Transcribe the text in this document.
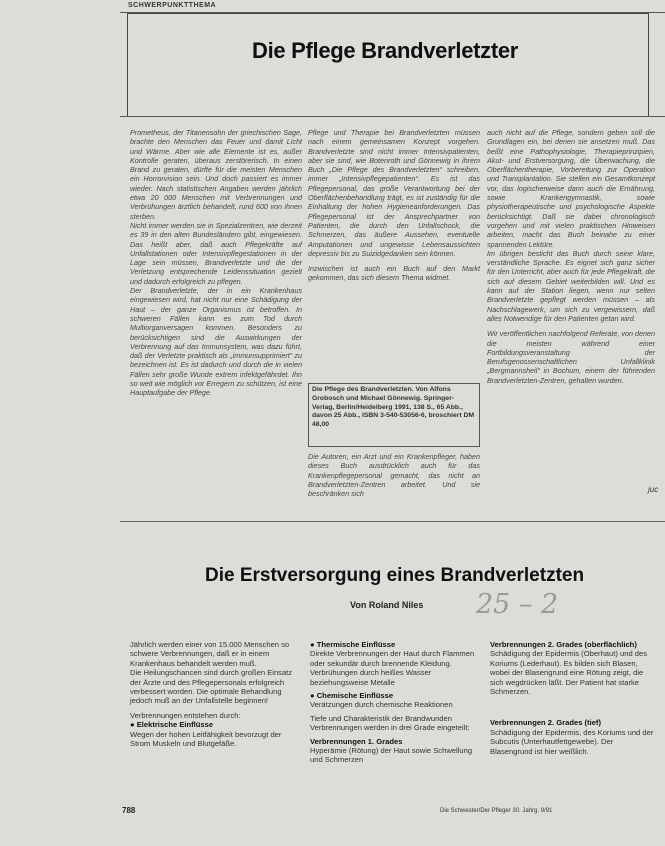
SCHWERPUNKTTHEMA
Die Pflege Brandverletzter

Prometheus, der Titanensohn der griechischen Sage, brachte den Menschen das Feuer und damit Licht und Wärme. Aber wie alle Elemente ist es, außer Kontrolle geraten, überaus zerstörerisch. In einen Brand zu geraten, dürfte für die meisten Menschen ein Horrorvision sein. Und doch passiert es immer wieder. Nach statistischen Angaben werden jährlich etwa 20 000 Menschen mit Verbrennungen und Verbrühungen ärztlich behandelt, rund 600 von ihnen sterben.

Nicht immer werden sie in Spezialzentren, wie derzeit es 39 in den alten Bundesländern gibt, eingewiesen. Das heißt aber, daß auch Pflegekräfte auf Unfallstationen oder Intensivpflegestationen in der Lage sein müssen, Brandverletzte und die der Verletzung entsprechende Leidenssituation gezielt und dadurch erfolgreich zu pflegen.

Der Brandverletzte, der in ein Krankenhaus eingewiesen wird, hat nicht nur eine Schädigung der Haut – der ganze Organismus ist betroffen. In schweren Fällen kann es zum Tod durch Multiorganversagen kommen. Besonders zu berücksichtigen sind die Auswirkungen der Verbrennung auf das Immunsystem, was dazu führt, daß der Verletzte praktisch als „immunsupprimiert“ zu bezeichnen ist. Es ist dadurch und durch die in vielen Fällen sehr große Wunde extrem infektgefährdet. Ihn so weit wie möglich vor Erregern zu schützen, ist eine Hauptaufgabe der Pflege.

Pflege und Therapie bei Brandverletzten müssen nach einem gemeinsamen Konzept vorgehen. Brandverletzte sind nicht immer Intensivpatienten, aber sie sind, wie Botenroth und Gönnewig in ihrem Buch „Die Pflege des Brandverletzten“ schreiben, immer „Intensivpflegepatienten“. Es ist das Pflegepersonal, das große Verantwortung bei der Oberflächenbehandlung trägt, es ist zuständig für die Einhaltung der hohen Hygieneanforderungen. Das Pflegepersonal ist der Ansprechpartner von Patienten, die durch den Unfallschock, die Schmerzen, das äußere Aussehen, eventuelle Amputationen und ungewisse Lebensaussichten depressiv bis zu Suizidgedanken sein können.

Inzwischen ist auch ein Buch auf den Markt gekommen, das sich diesem Thema widmet.

Die Pflege des Brandverletzten. Von Alfons Grobosch und Michael Gönnewig. Springer-Verlag, Berlin/Heidelberg 1991, 138 S., 65 Abb., davon 25 Abb., ISBN 3-540-53056-6, broschiert DM 48,00

Die Autoren, ein Arzt und ein Krankenpfleger, haben dieses Buch ausdrücklich auch für das Krankenpflegepersonal gemacht, das nicht an Brandverletzten-Zentren arbeitet. Und sie beschränken sich

auch nicht auf die Pflege, sondern geben soll die Grundlagen ein, bei denen sie ansetzen muß. Das beißt eine Pathophysiologie, Therapieprinzipien, Akut- und Erstversorgung, die Überwachung, die Oberflächentherapie, Vorbereitung zur Operation und Transplantation. Sie stellen ein Gesamtkonzept vor, das logischerweise dann auch die Ernährung, sowie Krankengymnastik, sowie physiotherapeutische und psychologische Aspekte berücksichtigt. Daß sie dabei chronologisch vorgehen und mit vielen praktischen Hinweisen arbeiten, macht das Buch beinahe zu einer spannenden Lektüre.

Im übrigen besticht das Buch durch seine klare, verständliche Sprache. Es eignet sich ganz sicher für den Unterricht, aber auch für jede Pflegekraft, die sich auf diesem Gebiet weiterbilden will. Und es kann auf der Station liegen, wenn nur selten Brandverletzte gepflegt werden müssen – als Nachschlagewerk, um sich zu vergewissern, daß alles Notwendige für den Patienten getan wird.

Wir veröffentlichen nachfolgend Referate, von denen die meisten während einer Fortbildungsveranstaltung der Berufsgenossenschaftlichen Unfallklinik „Bergmannsheil“ in Bochum, einem der führenden Brandverletzten-Zentren, gehalten wurden.

juc
Die Erstversorgung eines Brandverletzten
Von Roland Niles 25 – 2

Jährlich werden einer von 15.000 Menschen so schwere Verbrennungen, daß er in einem Krankenhaus behandelt werden muß.

Die Heilungschancen sind durch großen Einsatz der Ärzte und des Pflegepersonals erfolgreich verbessert worden. Die optimale Behandlung jedoch muß an der Unfallstelle beginnen!

Verbrennungen entstehen durch:

● Elektrische Einflüsse

Wegen der hohen Leitfähigkeit bevorzugt der Strom Muskeln und Blutgefäße.

● Thermische Einflüsse

Direkte Verbrennungen der Haut durch Flammen oder sekundär durch brennende Kleidung. Verbrühungen durch heißes Wasser beziehungsweise Metalle

● Chemische Einflüsse

Verätzungen durch chemische Reaktionen

Tiefe und Charakteristik der Brandwunden Verbrennungen werden in drei Grade eingeteilt:

Verbrennungen 1. Grades

Hyperämie (Rötung) der Haut sowie Schwellung und Schmerzen

Verbrennungen 2. Grades (oberflächlich)

Schädigung der Epidermis (Oberhaut) und des Koriums (Lederhaut). Es bilden sich Blasen, wobei der Blasengrund eine Rötung zeigt, die sich wegdrücken läßt. Der Patient hat starke Schmerzen.

Verbrennungen 2. Grades (tief)

Schädigung der Epidermis, des Koriums und der Subcutis (Unterhautfettgewebe). Der Blasengrund ist hier weißlich.

788	Die Schwester/Der Pfleger 30. Jahrg. 9/91
